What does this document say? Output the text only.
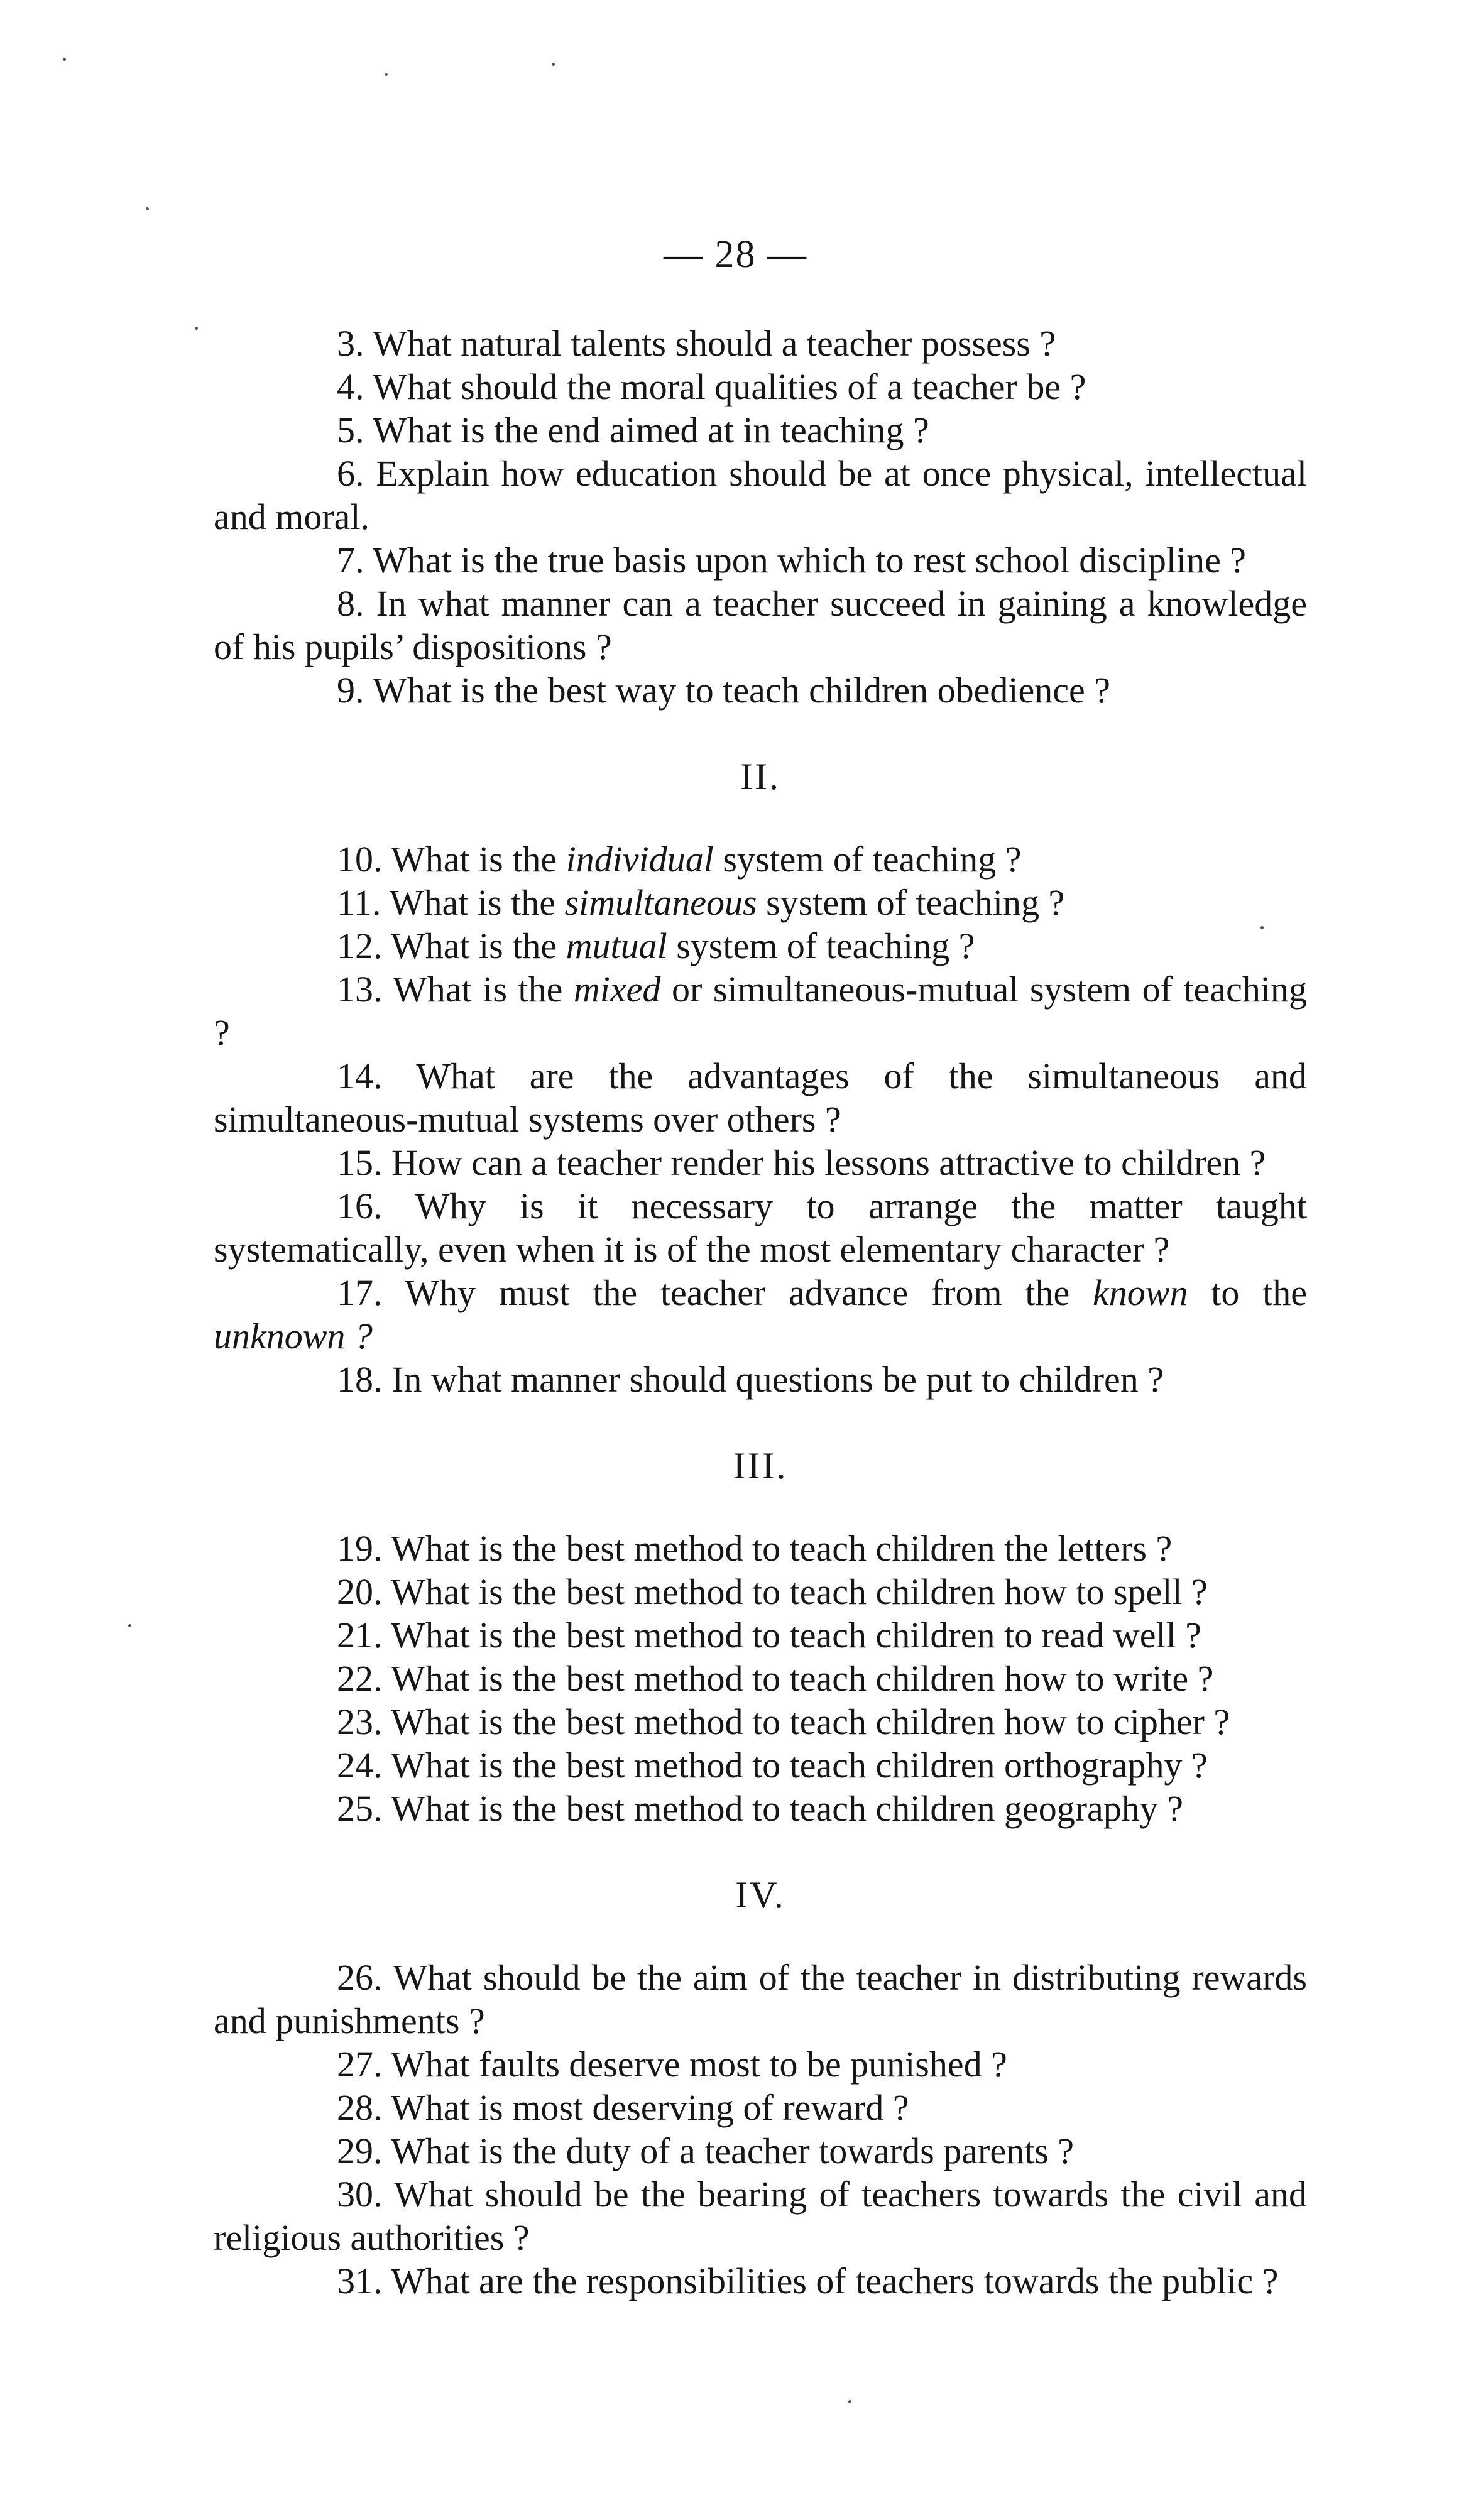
— 28 —

3. What natural talents should a teacher possess ?

4. What should the moral qualities of a teacher be ?

5. What is the end aimed at in teaching ?

6. Explain how education should be at once physical, intellectual and moral.

7. What is the true basis upon which to rest school discipline ?

8. In what manner can a teacher succeed in gaining a knowledge of his pupils’ dispositions ?

9. What is the best way to teach children obedience ?

II.

10. What is the individual system of teaching ?

11. What is the simultaneous system of teaching ?

12. What is the mutual system of teaching ?

13. What is the mixed or simultaneous-mutual system of teaching ?

14. What are the advantages of the simultaneous and simultaneous-mutual systems over others ?

15. How can a teacher render his lessons attractive to children ?

16. Why is it necessary to arrange the matter taught systematically, even when it is of the most elementary character ?

17. Why must the teacher advance from the known to the unknown ?

18. In what manner should questions be put to children ?

III.

19. What is the best method to teach children the letters ?

20. What is the best method to teach children how to spell ?

21. What is the best method to teach children to read well ?

22. What is the best method to teach children how to write ?

23. What is the best method to teach children how to cipher ?

24. What is the best method to teach children orthography ?

25. What is the best method to teach children geography ?

IV.

26. What should be the aim of the teacher in distributing rewards and punishments ?

27. What faults deserve most to be punished ?

28. What is most deserving of reward ?

29. What is the duty of a teacher towards parents ?

30. What should be the bearing of teachers towards the civil and religious authorities ?

31. What are the responsibilities of teachers towards the public ?
